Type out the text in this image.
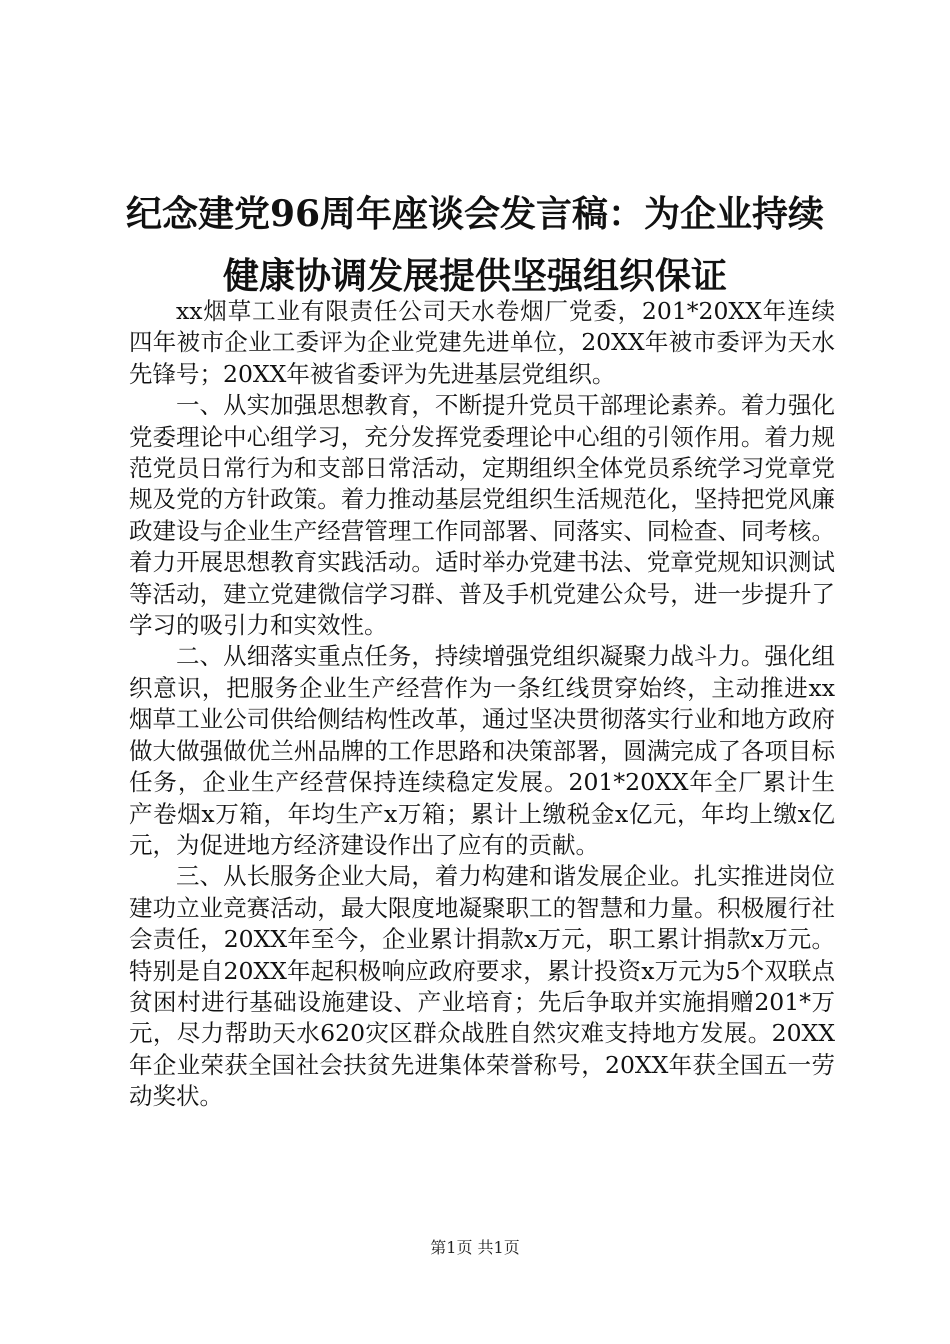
纪念建党96周年座谈会发言稿：为企业持续
健康协调发展提供坚强组织保证

xx烟草工业有限责任公司天水卷烟厂党委，201*20XX年连续四年被市企业工委评为企业党建先进单位，20XX年被市委评为天水先锋号；20XX年被省委评为先进基层党组织。

一、从实加强思想教育，不断提升党员干部理论素养。着力强化党委理论中心组学习，充分发挥党委理论中心组的引领作用。着力规范党员日常行为和支部日常活动，定期组织全体党员系统学习党章党规及党的方针政策。着力推动基层党组织生活规范化，坚持把党风廉政建设与企业生产经营管理工作同部署、同落实、同检查、同考核。着力开展思想教育实践活动。适时举办党建书法、党章党规知识测试等活动，建立党建微信学习群、普及手机党建公众号，进一步提升了学习的吸引力和实效性。

二、从细落实重点任务，持续增强党组织凝聚力战斗力。强化组织意识，把服务企业生产经营作为一条红线贯穿始终，主动推进xx烟草工业公司供给侧结构性改革，通过坚决贯彻落实行业和地方政府做大做强做优兰州品牌的工作思路和决策部署，圆满完成了各项目标任务，企业生产经营保持连续稳定发展。201*20XX年全厂累计生产卷烟x万箱，年均生产x万箱；累计上缴税金x亿元，年均上缴x亿元，为促进地方经济建设作出了应有的贡献。

三、从长服务企业大局，着力构建和谐发展企业。扎实推进岗位建功立业竞赛活动，最大限度地凝聚职工的智慧和力量。积极履行社会责任，20XX年至今，企业累计捐款x万元，职工累计捐款x万元。特别是自20XX年起积极响应政府要求，累计投资x万元为5个双联点贫困村进行基础设施建设、产业培育；先后争取并实施捐赠201*万元，尽力帮助天水620灾区群众战胜自然灾难支持地方发展。20XX年企业荣获全国社会扶贫先进集体荣誉称号，20XX年获全国五一劳动奖状。

第1页 共1页
